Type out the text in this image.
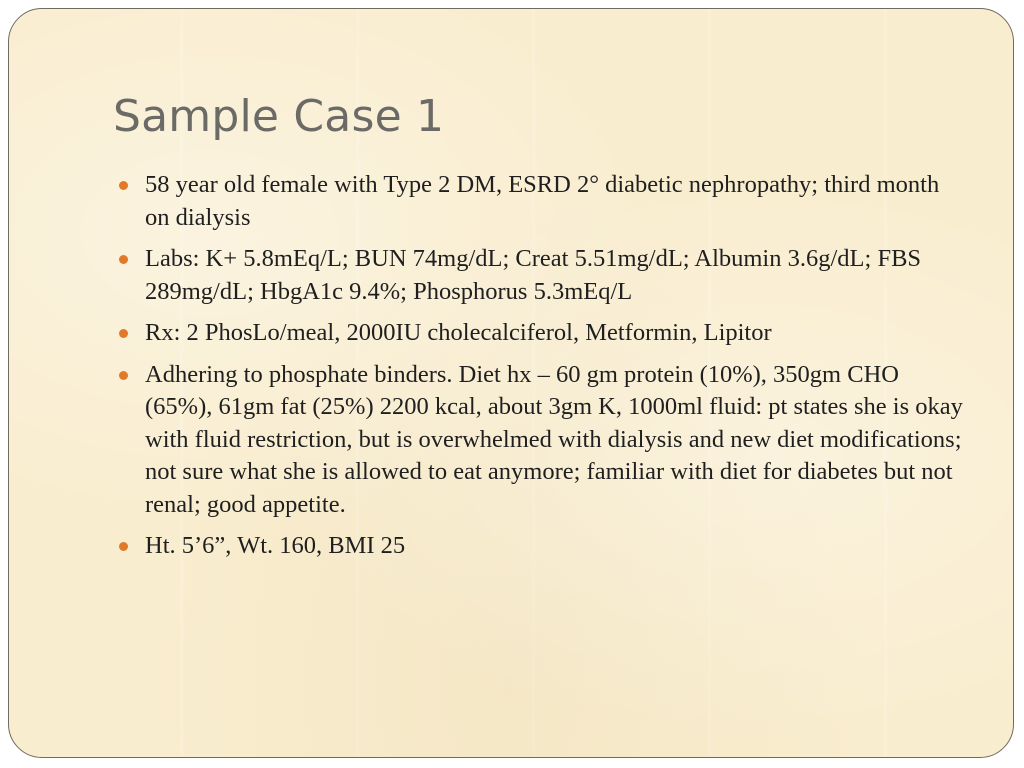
Sample Case 1
58 year old female with Type 2 DM, ESRD 2° diabetic nephropathy; third month on dialysis
Labs: K+ 5.8mEq/L; BUN 74mg/dL; Creat 5.51mg/dL; Albumin 3.6g/dL; FBS 289mg/dL; HbgA1c 9.4%; Phosphorus 5.3mEq/L
Rx: 2 PhosLo/meal, 2000IU cholecalciferol, Metformin, Lipitor
Adhering to phosphate binders. Diet hx – 60 gm protein (10%), 350gm CHO (65%), 61gm fat (25%) 2200 kcal, about 3gm K, 1000ml fluid: pt states she is okay with fluid restriction, but is overwhelmed with dialysis and new diet modifications; not sure what she is allowed to eat anymore; familiar with diet for diabetes but not renal; good appetite.
Ht. 5’6”, Wt. 160, BMI 25
